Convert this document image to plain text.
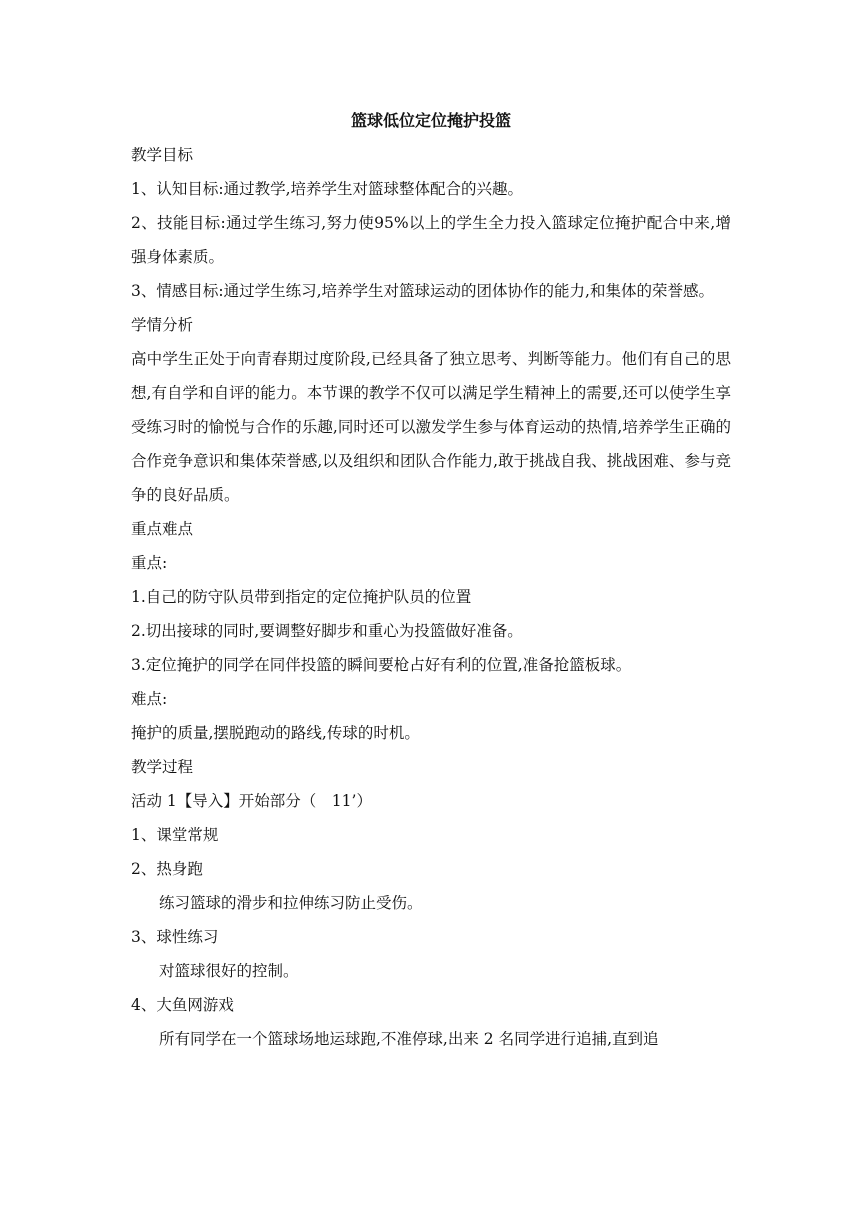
篮球低位定位掩护投篮

教学目标

1、认知目标:通过教学,培养学生对篮球整体配合的兴趣。

2、技能目标:通过学生练习,努力使95%以上的学生全力投入篮球定位掩护配合中来,增强身体素质。

3、情感目标:通过学生练习,培养学生对篮球运动的团体协作的能力,和集体的荣誉感。

学情分析

高中学生正处于向青春期过度阶段,已经具备了独立思考、判断等能力。他们有自己的思想,有自学和自评的能力。本节课的教学不仅可以满足学生精神上的需要,还可以使学生享受练习时的愉悦与合作的乐趣,同时还可以激发学生参与体育运动的热情,培养学生正确的合作竞争意识和集体荣誉感,以及组织和团队合作能力,敢于挑战自我、挑战困难、参与竞争的良好品质。

重点难点

重点:

1.自己的防守队员带到指定的定位掩护队员的位置

2.切出接球的同时,要调整好脚步和重心为投篮做好准备。

3.定位掩护的同学在同伴投篮的瞬间要枪占好有利的位置,准备抢篮板球。

难点:

掩护的质量,摆脱跑动的路线,传球的时机。

教学过程

活动 1【导入】开始部分（　11’）

1、课堂常规

2、热身跑

练习篮球的滑步和拉伸练习防止受伤。

3、球性练习

对篮球很好的控制。

4、大鱼网游戏

所有同学在一个篮球场地运球跑,不准停球,出来 2 名同学进行追捕,直到追
